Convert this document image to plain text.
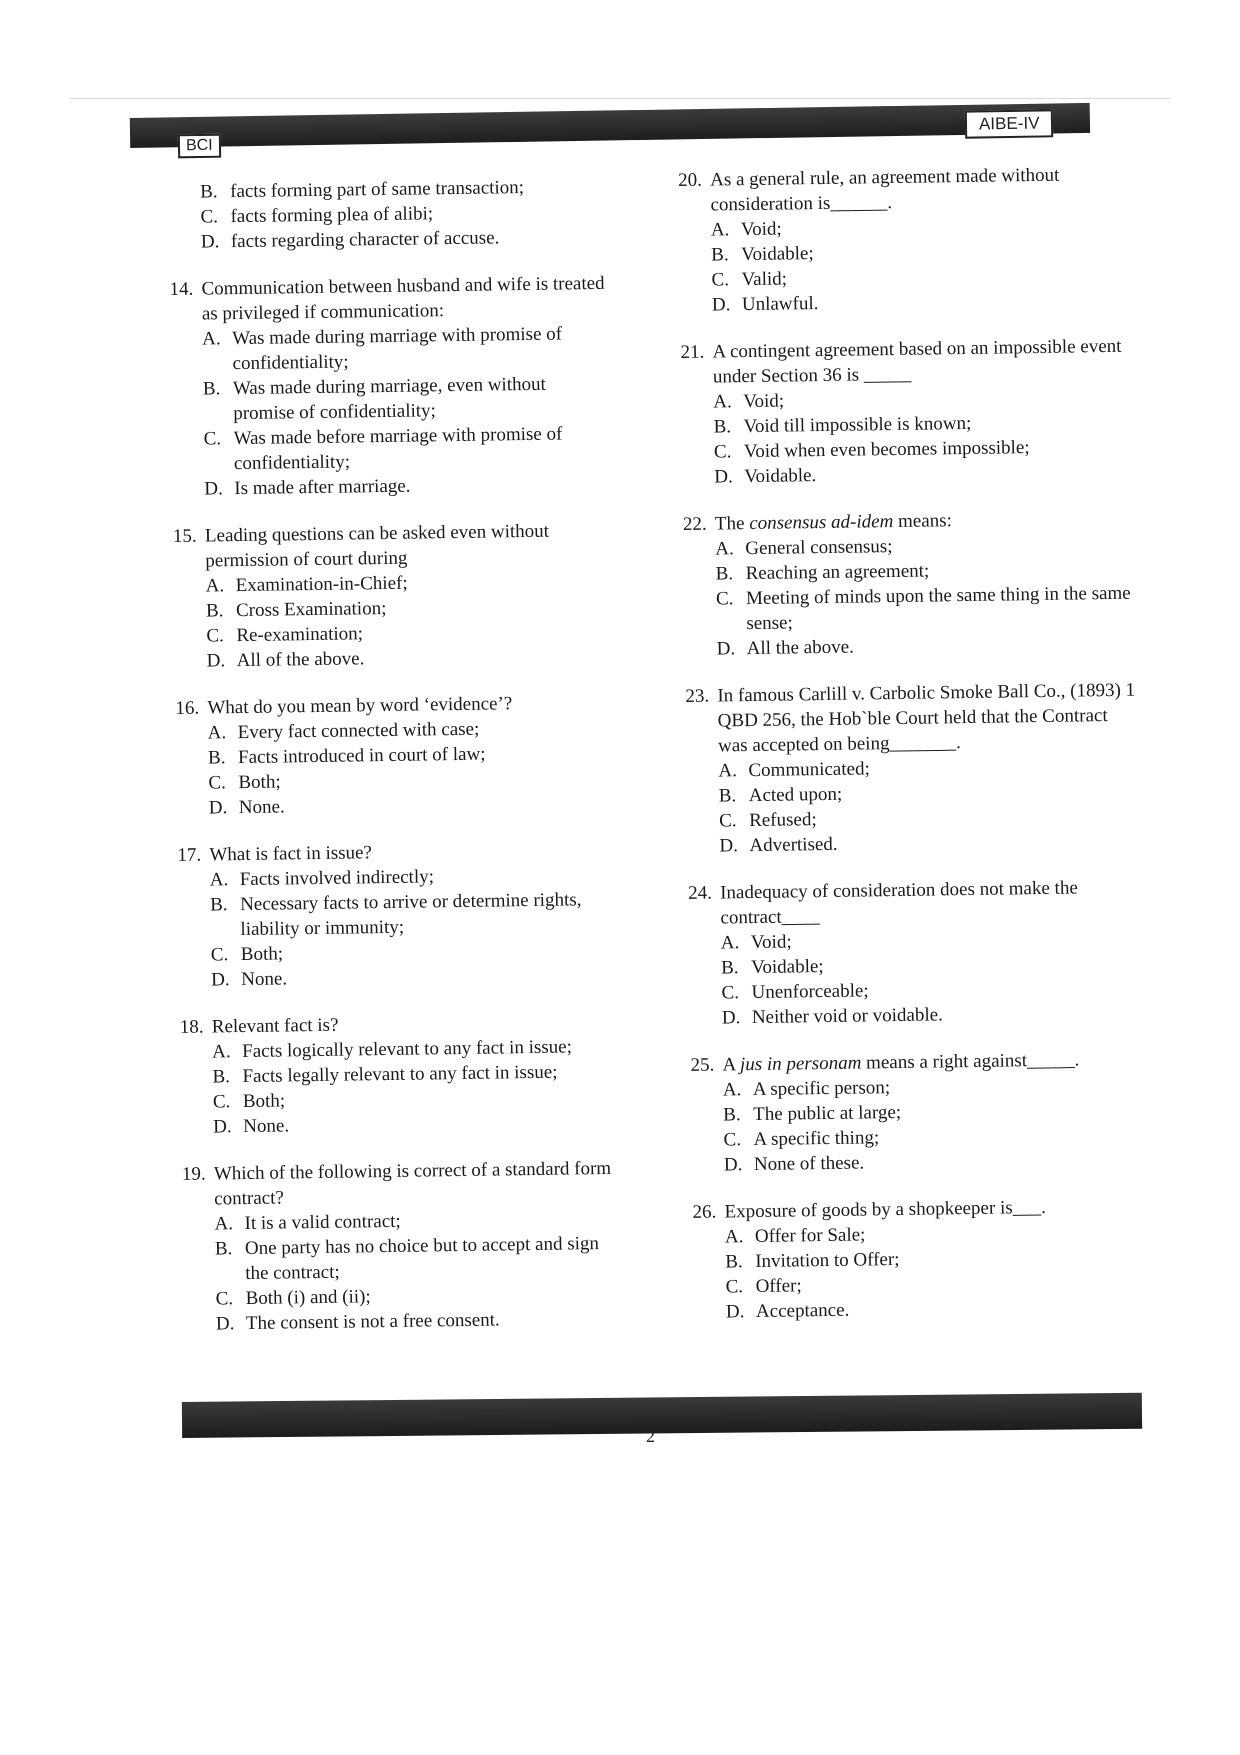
BCI
AIBE-IV
B. facts forming part of same transaction;
C. facts forming plea of alibi;
D. facts regarding character of accuse.
14. Communication between husband and wife is treated as privileged if communication:
A. Was made during marriage with promise of confidentiality;
B. Was made during marriage, even without promise of confidentiality;
C. Was made before marriage with promise of confidentiality;
D. Is made after marriage.
15. Leading questions can be asked even without permission of court during
A. Examination-in-Chief;
B. Cross Examination;
C. Re-examination;
D. All of the above.
16. What do you mean by word ‘evidence’?
A. Every fact connected with case;
B. Facts introduced in court of law;
C. Both;
D. None.
17. What is fact in issue?
A. Facts involved indirectly;
B. Necessary facts to arrive or determine rights, liability or immunity;
C. Both;
D. None.
18. Relevant fact is?
A. Facts logically relevant to any fact in issue;
B. Facts legally relevant to any fact in issue;
C. Both;
D. None.
19. Which of the following is correct of a standard form contract?
A. It is a valid contract;
B. One party has no choice but to accept and sign the contract;
C. Both (i) and (ii);
D. The consent is not a free consent.
20. As a general rule, an agreement made without consideration is______.
A. Void;
B. Voidable;
C. Valid;
D. Unlawful.
21. A contingent agreement based on an impossible event under Section 36 is _____
A. Void;
B. Void till impossible is known;
C. Void when even becomes impossible;
D. Voidable.
22. The consensus ad-idem means:
A. General consensus;
B. Reaching an agreement;
C. Meeting of minds upon the same thing in the same sense;
D. All the above.
23. In famous Carlill v. Carbolic Smoke Ball Co., (1893) 1 QBD 256, the Hob`ble Court held that the Contract was accepted on being_______.
A. Communicated;
B. Acted upon;
C. Refused;
D. Advertised.
24. Inadequacy of consideration does not make the contract____
A. Void;
B. Voidable;
C. Unenforceable;
D. Neither void or voidable.
25. A jus in personam means a right against_____.
A. A specific person;
B. The public at large;
C. A specific thing;
D. None of these.
26. Exposure of goods by a shopkeeper is___.
A. Offer for Sale;
B. Invitation to Offer;
C. Offer;
D. Acceptance.
2
